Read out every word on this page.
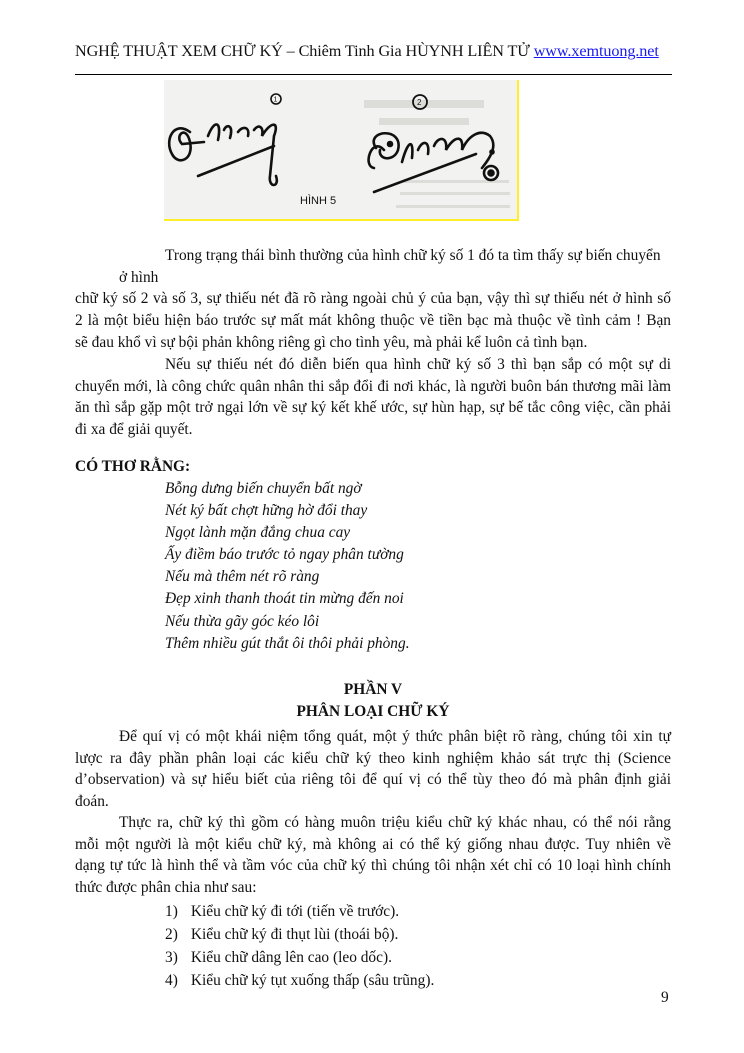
NGHỆ THUẬT XEM CHỮ KÝ – Chiêm Tinh Gia HÙYNH LIÊN TỬ www.xemtuong.net
HÌNH 5
1	2
Trong trạng thái bình thường của hình chữ ký số 1 đó ta tìm thấy sự biến chuyển
ở hình
chữ ký số 2 và số 3, sự thiếu nét đã rõ ràng ngoài chủ ý của bạn, vậy thì sự thiếu nét ở hình số
2 là một biểu hiện báo trước sự mất mát không thuộc về tiền bạc mà thuộc về tình cảm ! Bạn
sẽ đau khổ vì sự bội phản không riêng gì cho tình yêu, mà phải kể luôn cả tình bạn.
Nếu sự thiếu nét đó diễn biến qua hình chữ ký số 3 thì bạn sắp có một sự di
chuyển mới, là công chức quân nhân thi sắp đổi đi nơi khác, là người buôn bán thương mãi làm
ăn thì sắp gặp một trở ngại lớn về sự ký kết khế ước, sự hùn hạp, sự bế tắc công việc, cần phải
đi xa để giải quyết.
CÓ THƠ RẰNG:
Bỗng dưng biến chuyển bất ngờ
Nét ký bất chợt hững hờ đổi thay
Ngọt lành mặn đắng chua cay
Ấy điềm báo trước tỏ ngay phân tường
Nếu mà thêm nét rõ ràng
Đẹp xinh thanh thoát tin mừng đến noi
Nếu thừa gãy góc kéo lôi
Thêm nhiều gút thắt ôi thôi phải phòng.
PHẦN V
PHÂN LOẠI CHỮ KÝ
Để quí vị có một khái niệm tổng quát, một ý thức phân biệt rõ ràng, chúng tôi xin tự
lược ra đây phần phân loại các kiểu chữ ký theo kinh nghiệm khảo sát trực thị (Science
d’observation) và sự hiểu biết của riêng tôi để quí vị có thể tùy theo đó mà phân định giải
đoán.
Thực ra, chữ ký thì gồm có hàng muôn triệu kiểu chữ ký khác nhau, có thể nói rằng
mỗi một người là một kiểu chữ ký, mà không ai có thể ký giống nhau được. Tuy nhiên về
dạng tự tức là hình thể và tầm vóc của chữ ký thì chúng tôi nhận xét chỉ có 10 loại hình chính
thức được phân chia như sau:
1) Kiểu chữ ký đi tới (tiến về trước).
2) Kiểu chữ ký đi thụt lùi (thoái bộ).
3) Kiểu chữ dâng lên cao (leo dốc).
4) Kiểu chữ ký tụt xuống thấp (sâu trũng).
9
